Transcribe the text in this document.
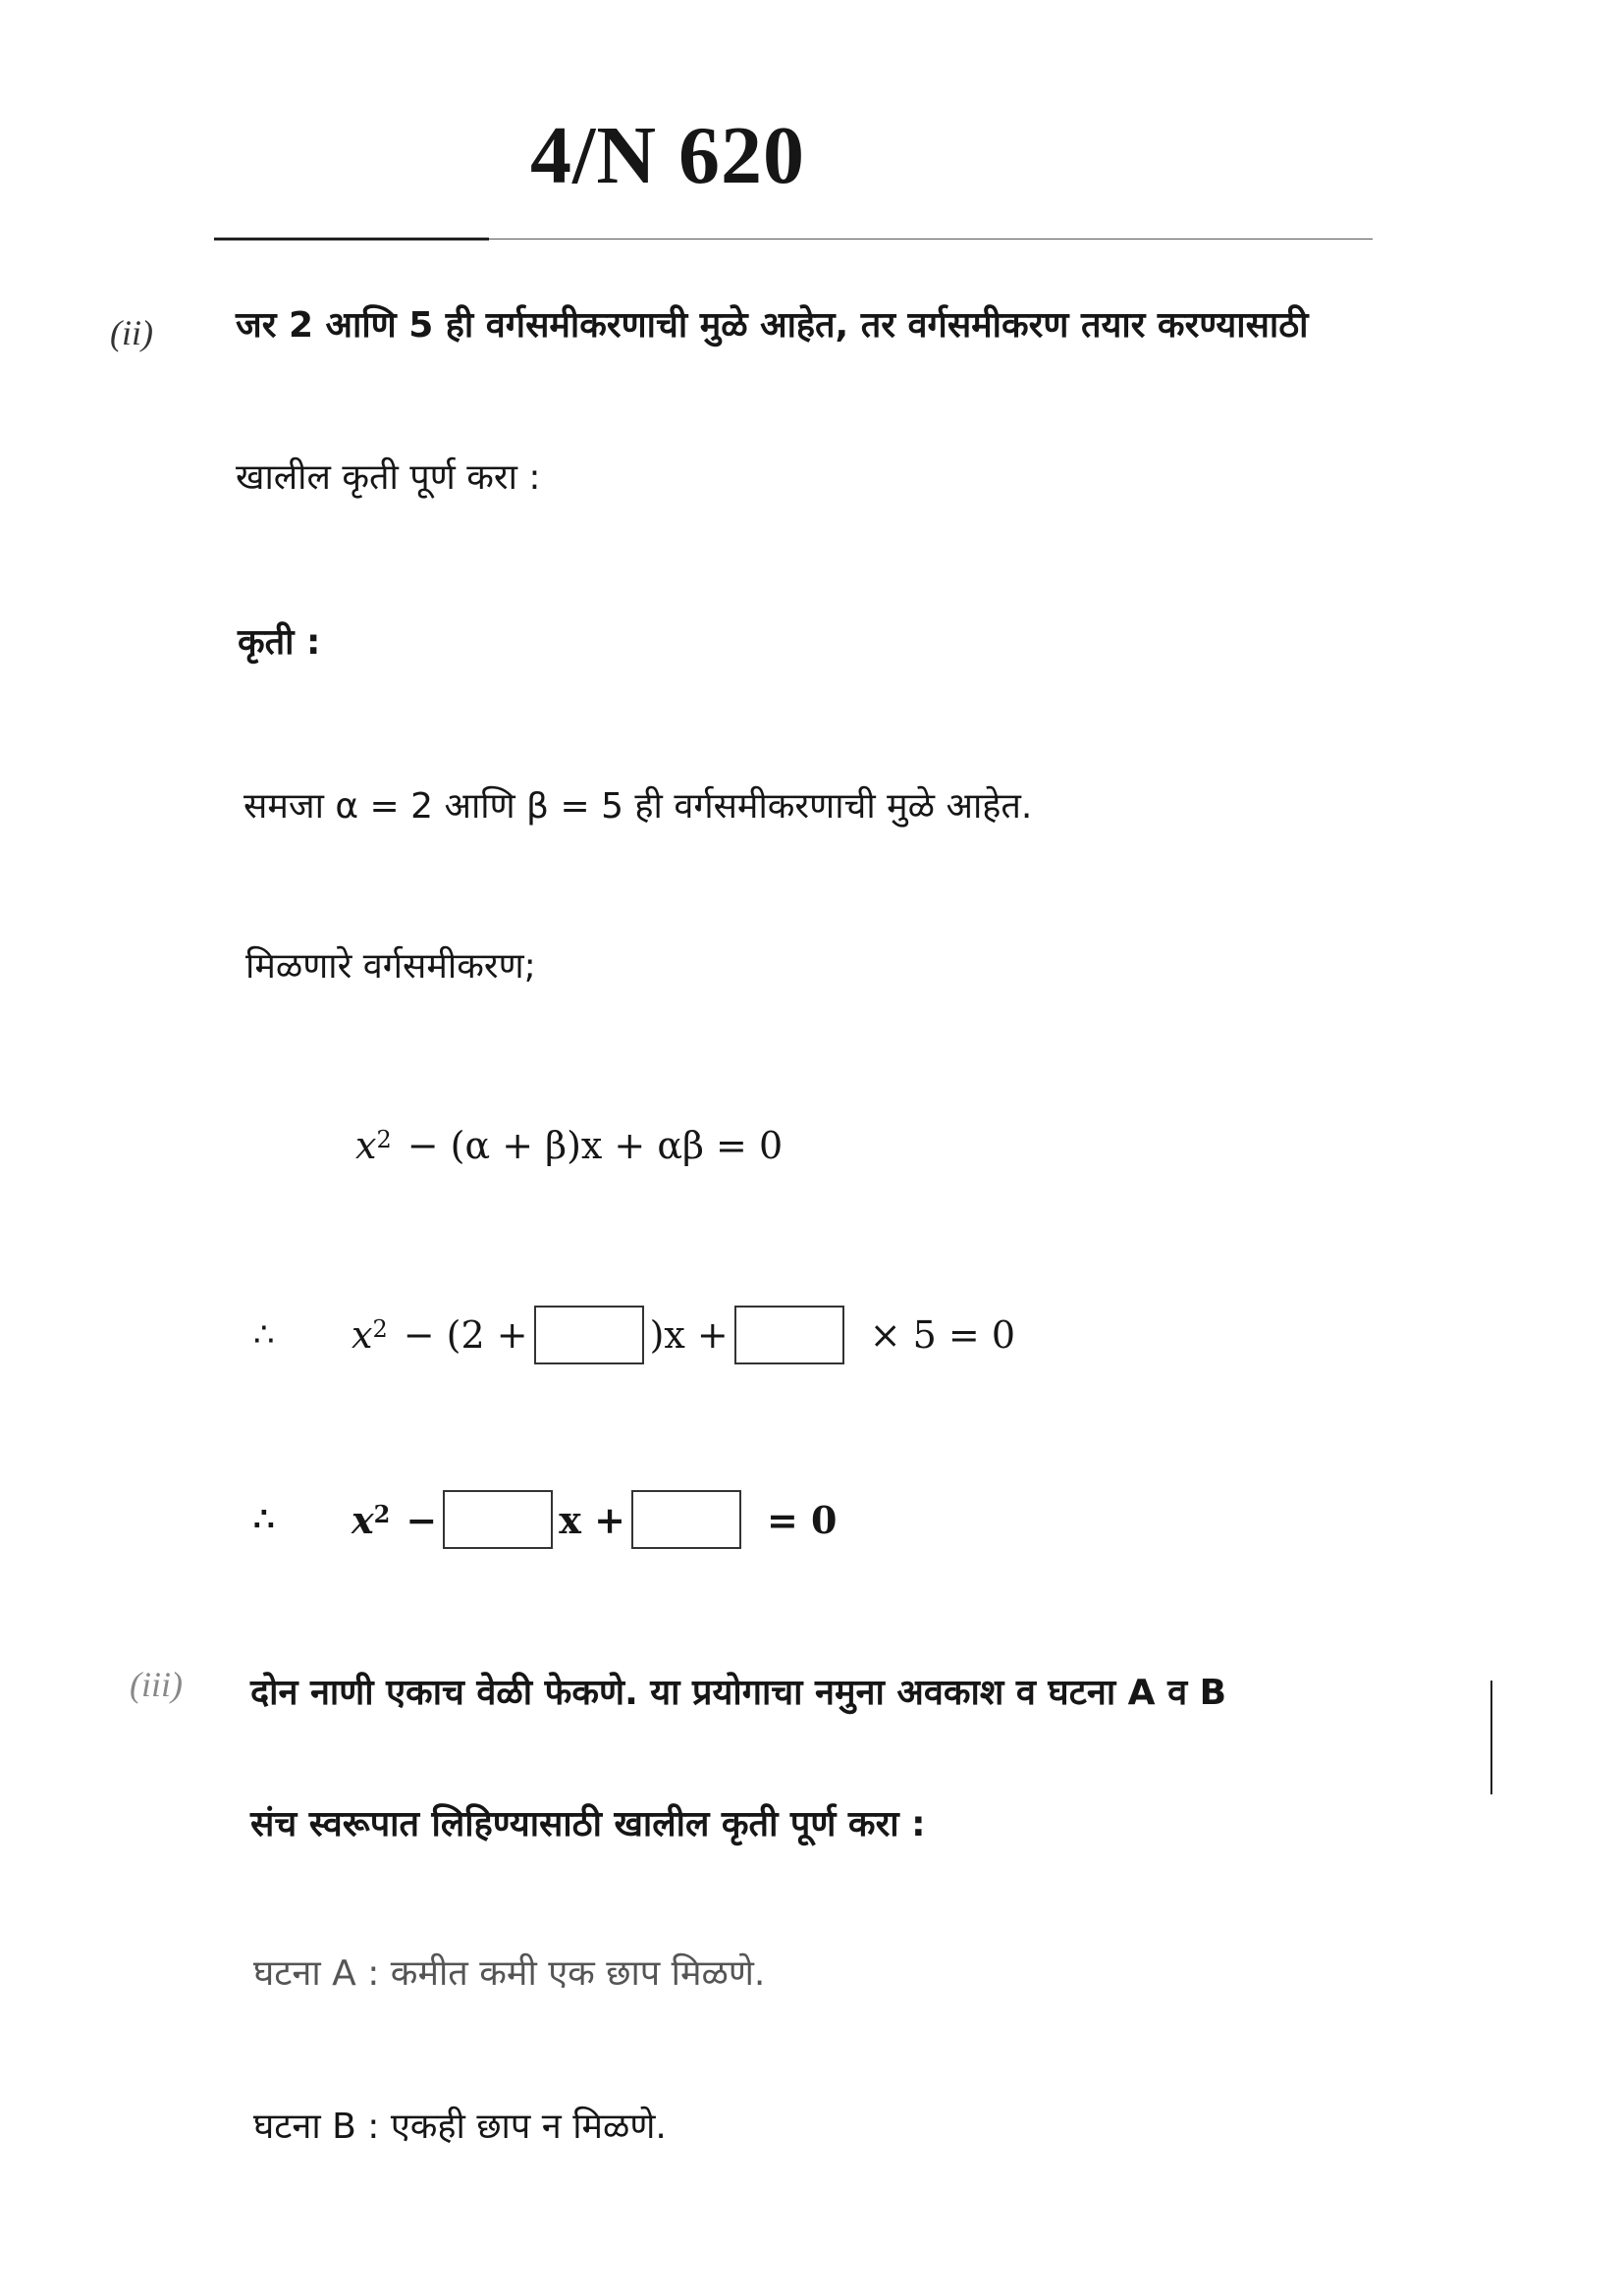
4/N 620
(ii) जर 2 आणि 5 ही वर्गसमीकरणाची मुळे आहेत, तर वर्गसमीकरण तयार करण्यासाठी
खालील कृती पूर्ण करा :
कृती :
समजा α = 2 आणि β = 5 ही वर्गसमीकरणाची मुळे आहेत.
मिळणारे वर्गसमीकरण;
$x^2 - (\alpha + \beta)x + \alpha\beta = 0$
∴	$x^2 - (2$ +	)x +	× 5 = 0
∴	$x^2$ −	x +	= 0
(iii) दोन नाणी एकाच वेळी फेकणे. या प्रयोगाचा नमुना अवकाश व घटना A व B
संच स्वरूपात लिहिण्यासाठी खालील कृती पूर्ण करा :
घटना A : कमीत कमी एक छाप मिळणे.
घटना B : एकही छाप न मिळणे.
